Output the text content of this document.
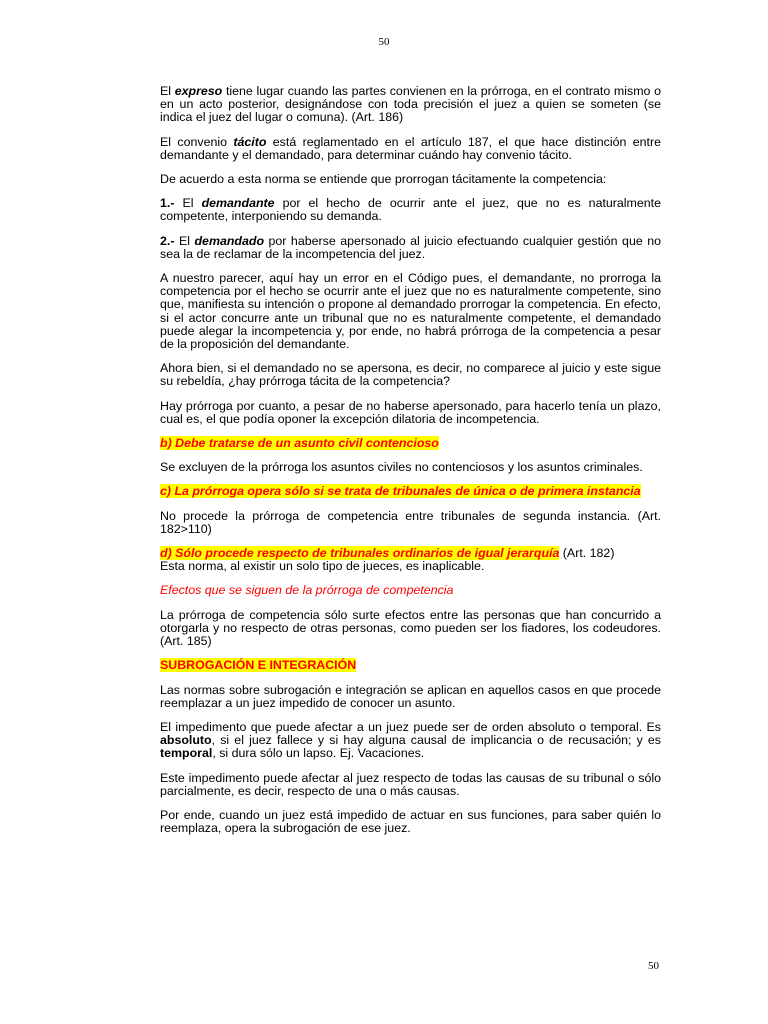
50

El expreso tiene lugar cuando las partes convienen en la prórroga, en el contrato mismo o en un acto posterior, designándose con toda precisión el juez a quien se someten (se indica el juez del lugar o comuna). (Art. 186)

El convenio tácito está reglamentado en el artículo 187, el que hace distinción entre demandante y el demandado, para determinar cuándo hay convenio tácito.

De acuerdo a esta norma se entiende que prorrogan tácitamente la competencia:

1.- El demandante por el hecho de ocurrir ante el juez, que no es naturalmente competente, interponiendo su demanda.

2.- El demandado por haberse apersonado al juicio efectuando cualquier gestión que no sea la de reclamar de la incompetencia del juez.

A nuestro parecer, aquí hay un error en el Código pues, el demandante, no prorroga la competencia por el hecho se ocurrir ante el juez que no es naturalmente competente, sino que, manifiesta su intención o propone al demandado prorrogar la competencia. En efecto, si el actor concurre ante un tribunal que no es naturalmente competente, el demandado puede alegar la incompetencia y, por ende, no habrá prórroga de la competencia a pesar de la proposición del demandante.

Ahora bien, si el demandado no se apersona, es decir, no comparece al juicio y este sigue su rebeldía, ¿hay prórroga tácita de la competencia?

Hay prórroga por cuanto, a pesar de no haberse apersonado, para hacerlo tenía un plazo, cual es, el que podía oponer la excepción dilatoria de incompetencia.

b) Debe tratarse de un asunto civil contencioso

Se excluyen de la prórroga los asuntos civiles no contenciosos y los asuntos criminales.

c) La prórroga opera sólo si se trata de tribunales de única o de primera instancia

No procede la prórroga de competencia entre tribunales de segunda instancia. (Art. 182>110)

d) Sólo procede respecto de tribunales ordinarios de igual jerarquía (Art. 182)

Esta norma, al existir un solo tipo de jueces, es inaplicable.

Efectos que se siguen de la prórroga de competencia

La prórroga de competencia sólo surte efectos entre las personas que han concurrido a otorgarla y no respecto de otras personas, como pueden ser los fiadores, los codeudores. (Art. 185)

SUBROGACIÓN E INTEGRACIÓN

Las normas sobre subrogación e integración se aplican en aquellos casos en que procede reemplazar a un juez impedido de conocer un asunto.

El impedimento que puede afectar a un juez puede ser de orden absoluto o temporal. Es absoluto, si el juez fallece y si hay alguna causal de implicancia o de recusación; y es temporal, si dura sólo un lapso. Ej. Vacaciones.

Este impedimento puede afectar al juez respecto de todas las causas de su tribunal o sólo parcialmente, es decir, respecto de una o más causas.

Por ende, cuando un juez está impedido de actuar en sus funciones, para saber quién lo reemplaza, opera la subrogación de ese juez.

50
